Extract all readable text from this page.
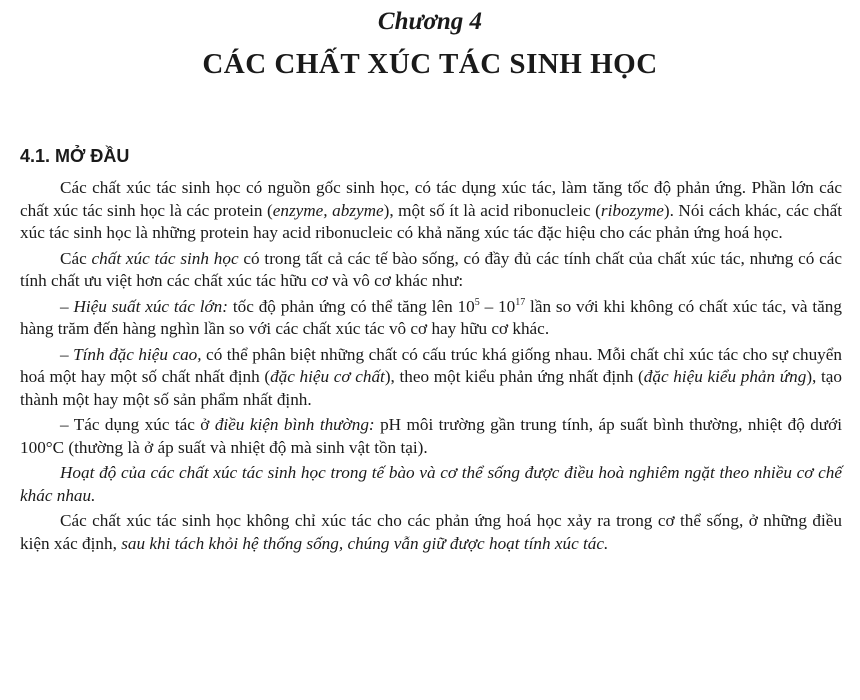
Chương 4
CÁC CHẤT XÚC TÁC SINH HỌC
4.1. MỞ ĐẦU

Các chất xúc tác sinh học có nguồn gốc sinh học, có tác dụng xúc tác, làm tăng tốc độ phản ứng. Phần lớn các chất xúc tác sinh học là các protein (enzyme, abzyme), một số ít là acid ribonucleic (ribozyme). Nói cách khác, các chất xúc tác sinh học là những protein hay acid ribonucleic có khả năng xúc tác đặc hiệu cho các phản ứng hoá học.

Các chất xúc tác sinh học có trong tất cả các tế bào sống, có đầy đủ các tính chất của chất xúc tác, nhưng có các tính chất ưu việt hơn các chất xúc tác hữu cơ và vô cơ khác như:

– Hiệu suất xúc tác lớn: tốc độ phản ứng có thể tăng lên $10^5 - 10^{17}$ lần so với khi không có chất xúc tác, và tăng hàng trăm đến hàng nghìn lần so với các chất xúc tác vô cơ hay hữu cơ khác.

– Tính đặc hiệu cao, có thể phân biệt những chất có cấu trúc khá giống nhau. Mỗi chất chỉ xúc tác cho sự chuyển hoá một hay một số chất nhất định (đặc hiệu cơ chất), theo một kiểu phản ứng nhất định (đặc hiệu kiểu phản ứng), tạo thành một hay một số sản phẩm nhất định.

– Tác dụng xúc tác ở điều kiện bình thường: pH môi trường gần trung tính, áp suất bình thường, nhiệt độ dưới 100°C (thường là ở áp suất và nhiệt độ mà sinh vật tồn tại).

Hoạt độ của các chất xúc tác sinh học trong tế bào và cơ thể sống được điều hoà nghiêm ngặt theo nhiều cơ chế khác nhau.

Các chất xúc tác sinh học không chỉ xúc tác cho các phản ứng hoá học xảy ra trong cơ thể sống, ở những điều kiện xác định, sau khi tách khỏi hệ thống sống, chúng vẫn giữ được hoạt tính xúc tác.
